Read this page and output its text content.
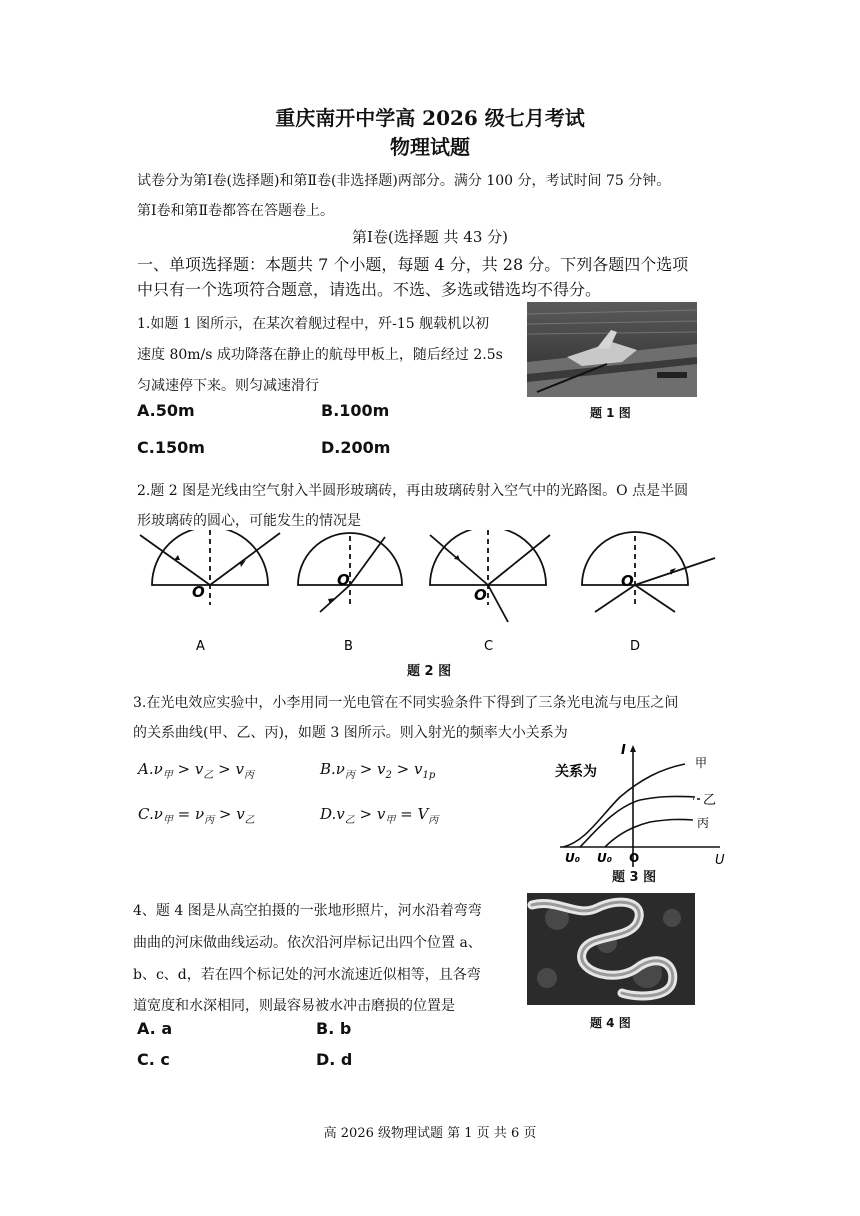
重庆南开中学高 2026 级七月考试
物理试题
试卷分为第Ⅰ卷(选择题)和第Ⅱ卷(非选择题)两部分。满分 100 分，考试时间 75 分钟。
第Ⅰ卷和第Ⅱ卷都答在答题卷上。
第Ⅰ卷(选择题 共 43 分)
一、单项选择题：本题共 7 个小题，每题 4 分，共 28 分。下列各题四个选项
中只有一个选项符合题意，请选出。不选、多选或错选均不得分。
1.如题 1 图所示，在某次着舰过程中，歼-15 舰载机以初
速度 80m/s 成功降落在静止的航母甲板上，随后经过 2.5s
匀减速停下来。则匀减速滑行
A.50m	B.100m
C.150m	D.200m
题 1 图
2.题 2 图是光线由空气射入半圆形玻璃砖，再由玻璃砖射入空气中的光路图。O 点是半圆
形玻璃砖的圆心，可能发生的情况是
O
O
O
O
A	B	C	D
题 2 图
3.在光电效应实验中，小李用同一光电管在不同实验条件下得到了三条光电流与电压之间
的关系曲线(甲、乙、丙)，如题 3 图所示。则入射光的频率大小关系为
$A.\nu_甲 > v_乙 > v_丙$	$B.\nu_丙 > v_2 > v_{1p}$
$C.\nu_甲 = \nu_丙 > v_乙$	$D.v_乙 > v_甲 = V_丙$
关系为
I
U
甲
乙
丙
U₀ U₀ O
题 3 图
4、题 4 图是从高空拍摄的一张地形照片，河水沿着弯弯
曲曲的河床做曲线运动。依次沿河岸标记出四个位置 a、
b、c、d，若在四个标记处的河水流速近似相等，且各弯
道宽度和水深相同，则最容易被水冲击磨损的位置是
A. a	B. b
C. c	D. d
题 4 图
高 2026 级物理试题 第 1 页 共 6 页
